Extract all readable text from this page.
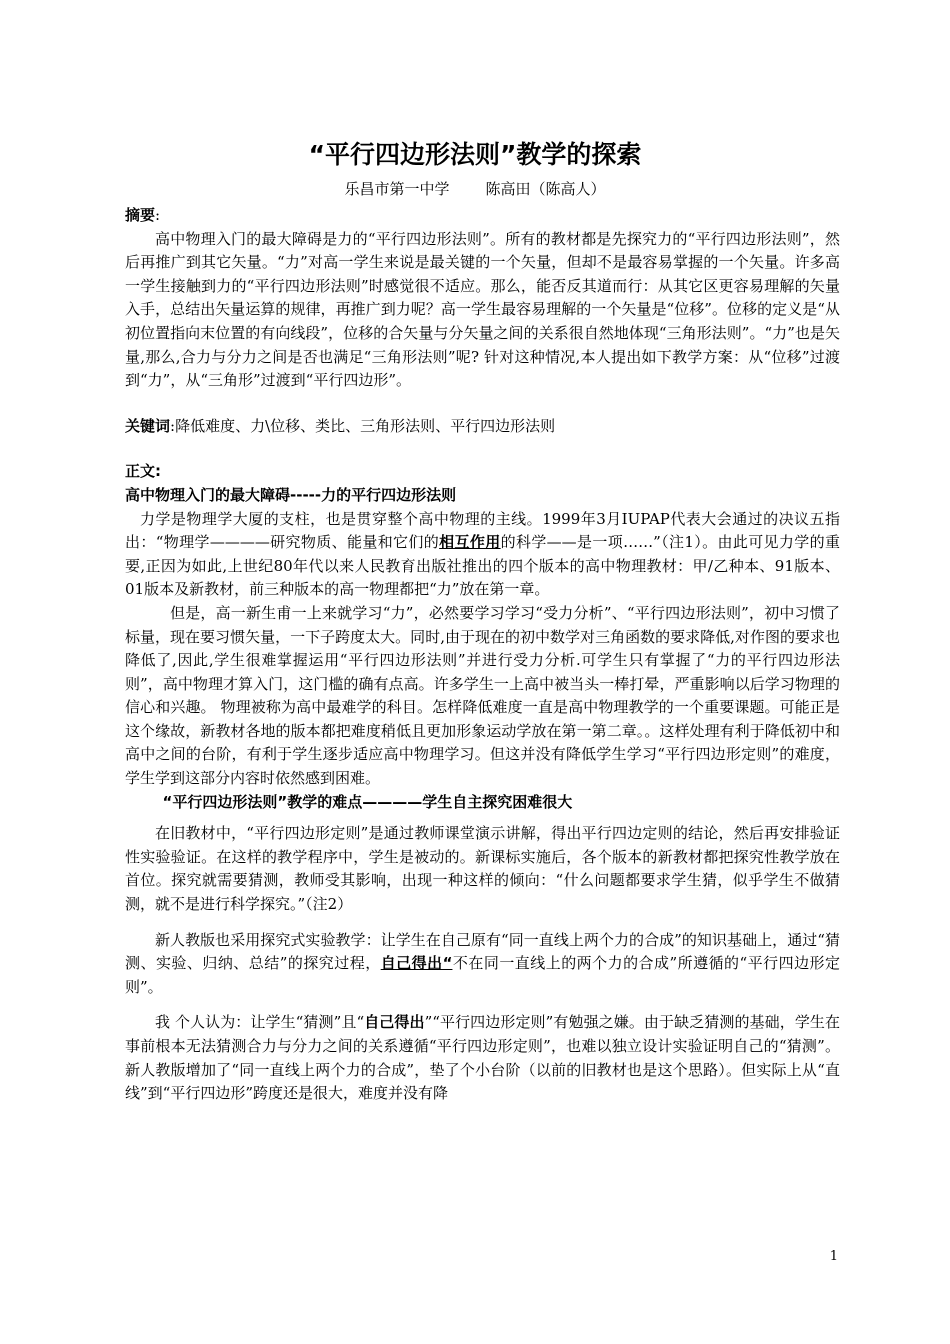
“平行四边形法则”教学的探索
乐昌市第一中学 陈高田（陈高人）

摘要:

高中物理入门的最大障碍是力的“平行四边形法则”。所有的教材都是先探究力的“平行四边形法则”，然后再推广到其它矢量。“力”对高一学生来说是最关键的一个矢量，但却不是最容易掌握的一个矢量。许多高一学生接触到力的“平行四边形法则”时感觉很不适应。那么，能否反其道而行：从其它区更容易理解的矢量入手，总结出矢量运算的规律，再推广到力呢？高一学生最容易理解的一个矢量是“位移”。位移的定义是“从初位置指向末位置的有向线段”，位移的合矢量与分矢量之间的关系很自然地体现“三角形法则”。“力”也是矢量,那么,合力与分力之间是否也满足“三角形法则”呢? 针对这种情况,本人提出如下教学方案：从“位移”过渡到“力”，从“三角形”过渡到“平行四边形”。

关键词:降低难度、力\位移、类比、三角形法则、平行四边形法则

正文:

高中物理入门的最大障碍-----力的平行四边形法则

力学是物理学大厦的支柱，也是贯穿整个高中物理的主线。1999年3月IUPAP代表大会通过的决议五指出：“物理学————研究物质、能量和它们的相互作用的科学——是一项……”（注1）。由此可见力学的重要,正因为如此,上世纪80年代以来人民教育出版社推出的四个版本的高中物理教材：甲/乙种本、91版本、01版本及新教材，前三种版本的高一物理都把“力”放在第一章。

但是，高一新生甫一上来就学习“力”，必然要学习学习“受力分析”、“平行四边形法则”，初中习惯了标量，现在要习惯矢量，一下子跨度太大。同时,由于现在的初中数学对三角函数的要求降低,对作图的要求也降低了,因此,学生很难掌握运用“平行四边形法则”并进行受力分析.可学生只有掌握了“力的平行四边形法则”，高中物理才算入门，这门槛的确有点高。许多学生一上高中被当头一棒打晕，严重影响以后学习物理的信心和兴趣。 物理被称为高中最难学的科目。怎样降低难度一直是高中物理教学的一个重要课题。可能正是这个缘故，新教材各地的版本都把难度稍低且更加形象运动学放在第一第二章。。这样处理有利于降低初中和高中之间的台阶，有利于学生逐步适应高中物理学习。但这并没有降低学生学习“平行四边形定则”的难度，学生学到这部分内容时依然感到困难。

“平行四边形法则”教学的难点————学生自主探究困难很大

在旧教材中，“平行四边形定则”是通过教师课堂演示讲解，得出平行四边定则的结论，然后再安排验证性实验验证。在这样的教学程序中，学生是被动的。新课标实施后，各个版本的新教材都把探究性教学放在首位。探究就需要猜测，教师受其影响，出现一种这样的倾向：“什么问题都要求学生猜，似乎学生不做猜测，就不是进行科学探究。”（注2）

新人教版也采用探究式实验教学：让学生在自己原有“同一直线上两个力的合成”的知识基础上，通过“猜测、实验、归纳、总结”的探究过程，自己得出“不在同一直线上的两个力的合成”所遵循的“平行四边形定则”。

我 个人认为：让学生“猜测”且“自己得出”“平行四边形定则”有勉强之嫌。由于缺乏猜测的基础，学生在事前根本无法猜测合力与分力之间的关系遵循“平行四边形定则”，也难以独立设计实验证明自己的“猜测”。新人教版增加了“同一直线上两个力的合成”，垫了个小台阶（以前的旧教材也是这个思路）。但实际上从“直线”到“平行四边形”跨度还是很大，难度并没有降

1
